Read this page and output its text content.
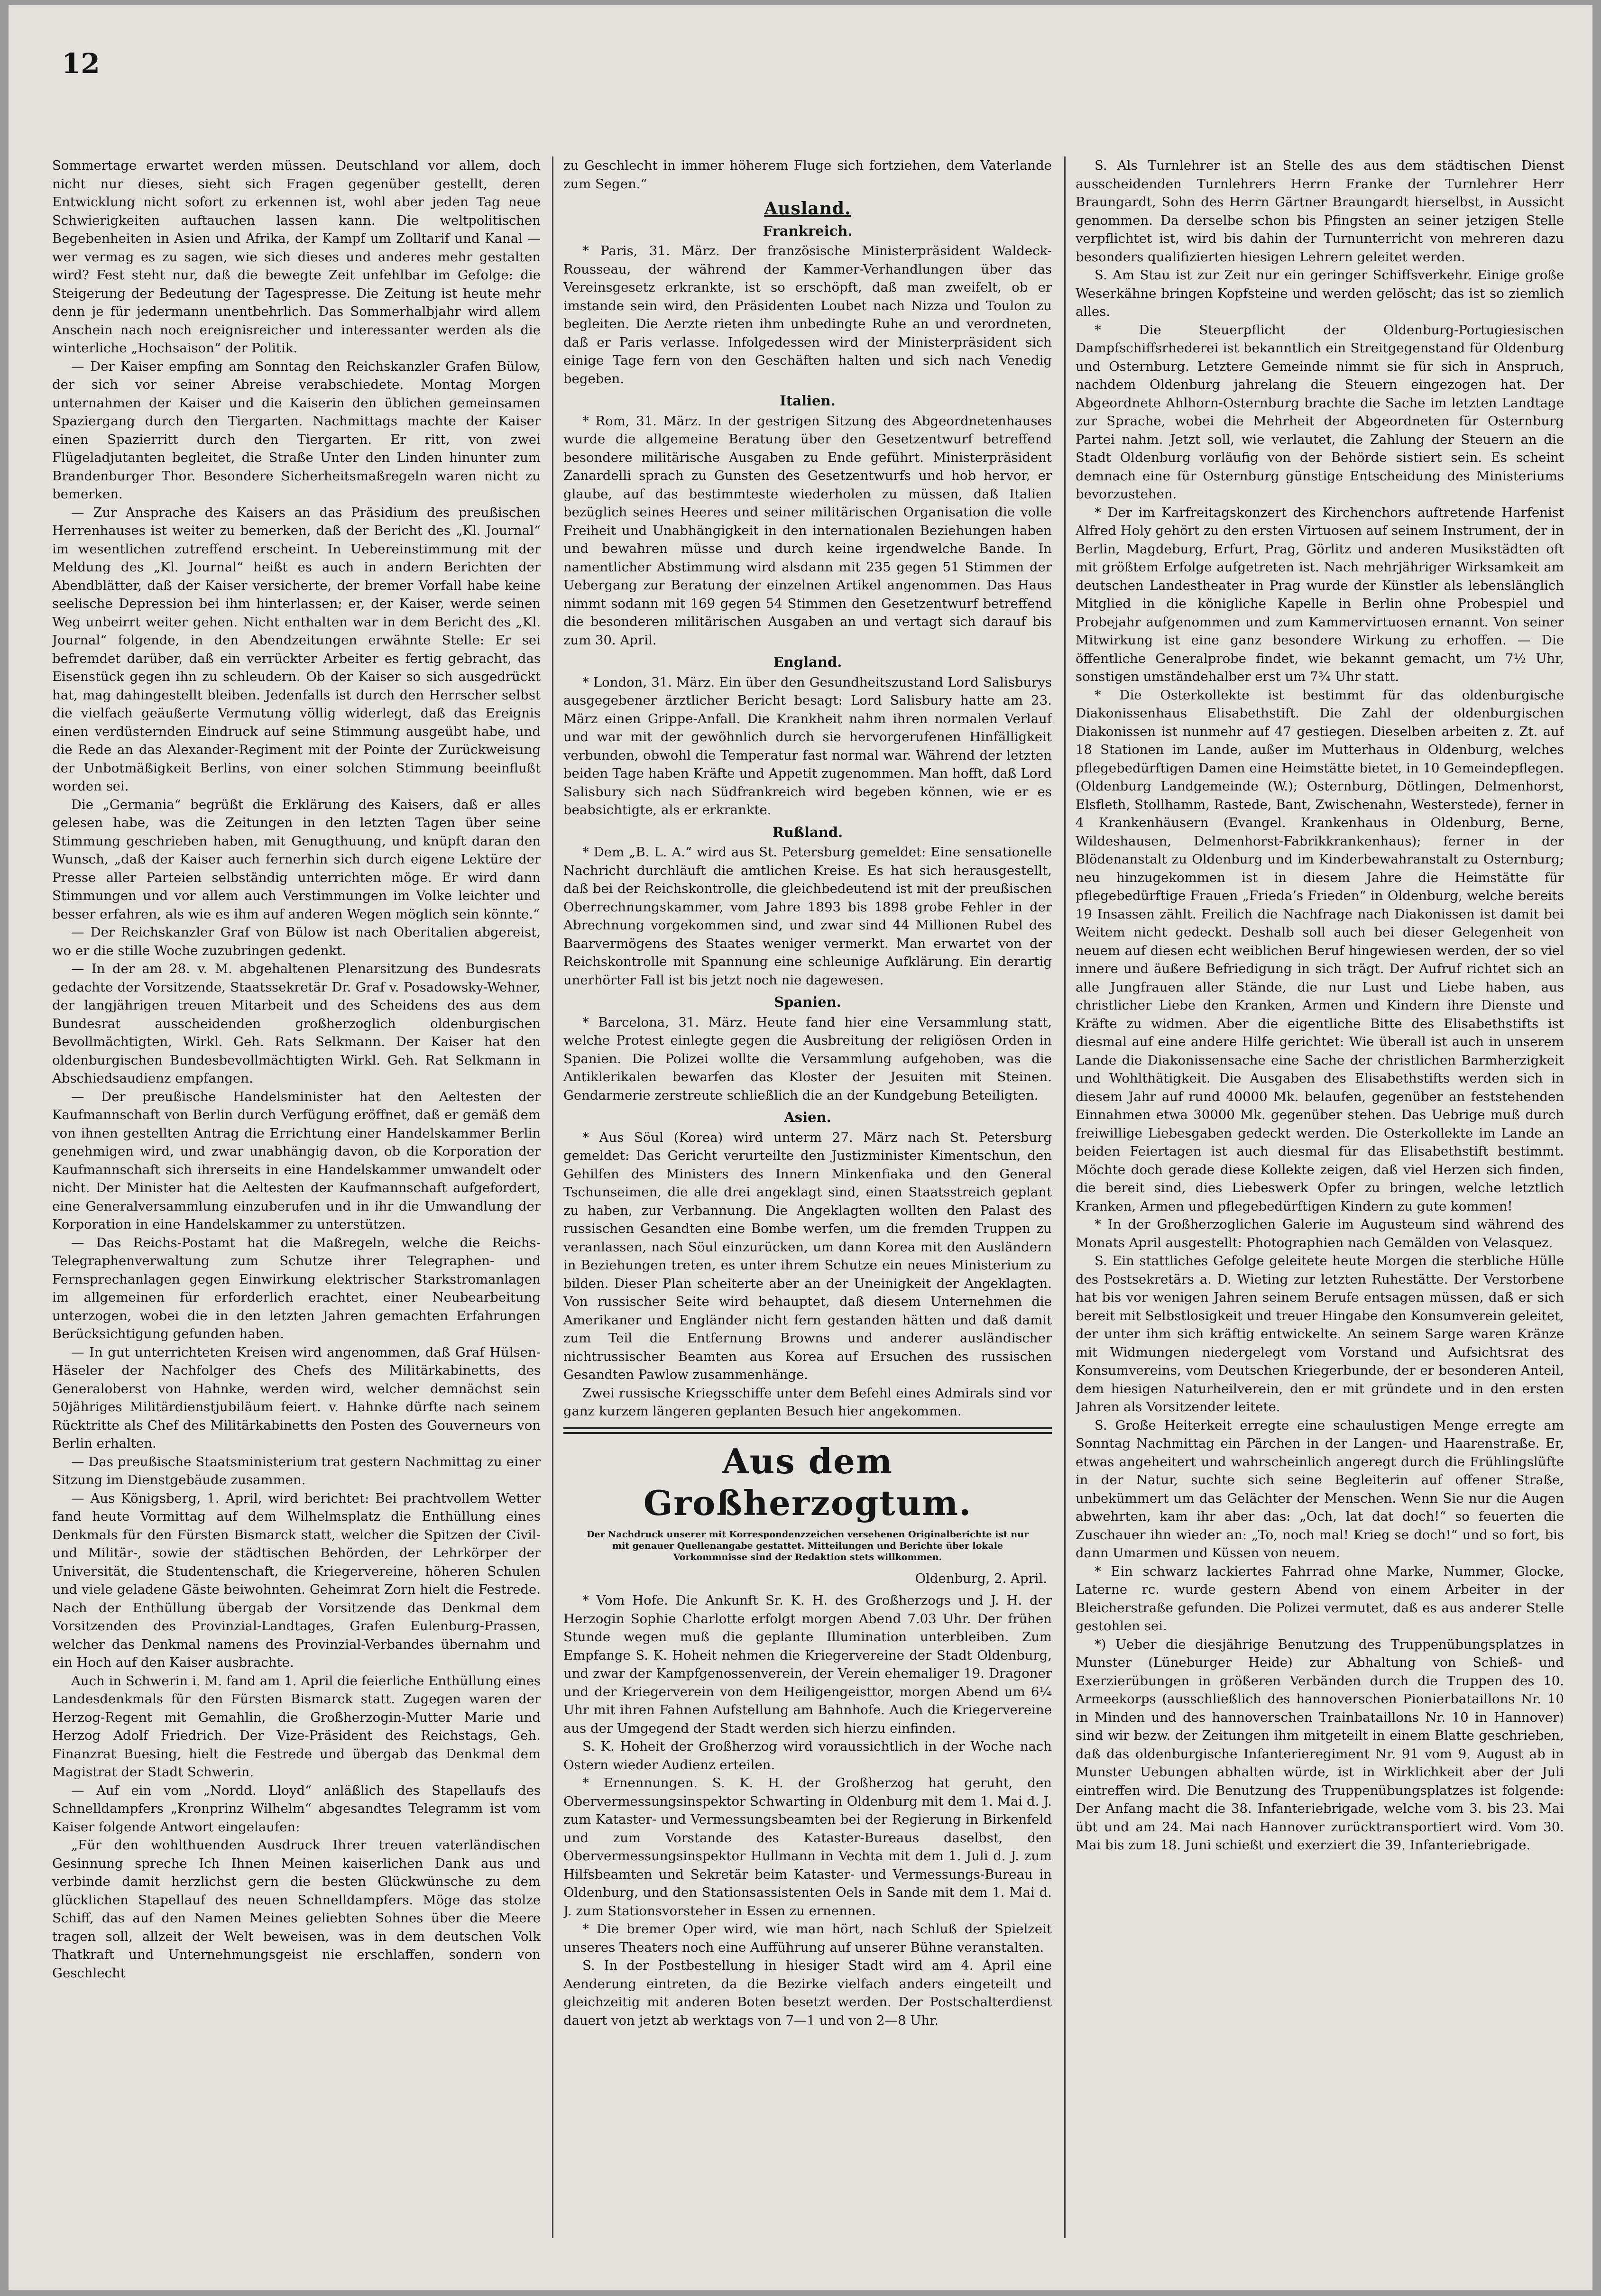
12

Sommertage erwartet werden müssen. Deutschland vor allem, doch nicht nur dieses, sieht sich Fragen gegenüber gestellt, deren Entwicklung nicht sofort zu erkennen ist, wohl aber jeden Tag neue Schwierigkeiten auftauchen lassen kann. Die weltpolitischen Begebenheiten in Asien und Afrika, der Kampf um Zolltarif und Kanal — wer vermag es zu sagen, wie sich dieses und anderes mehr gestalten wird? Fest steht nur, daß die bewegte Zeit unfehlbar im Gefolge: die Steigerung der Bedeutung der Tagespresse. Die Zeitung ist heute mehr denn je für jedermann unentbehrlich. Das Sommerhalbjahr wird allem Anschein nach noch ereignisreicher und interessanter werden als die winterliche „Hochsaison“ der Politik.

— Der Kaiser empfing am Sonntag den Reichskanzler Grafen Bülow, der sich vor seiner Abreise verabschiedete. Montag Morgen unternahmen der Kaiser und die Kaiserin den üblichen gemeinsamen Spaziergang durch den Tiergarten. Nachmittags machte der Kaiser einen Spazierritt durch den Tiergarten. Er ritt, von zwei Flügeladjutanten begleitet, die Straße Unter den Linden hinunter zum Brandenburger Thor. Besondere Sicherheitsmaßregeln waren nicht zu bemerken.

— Zur Ansprache des Kaisers an das Präsidium des preußischen Herrenhauses ist weiter zu bemerken, daß der Bericht des „Kl. Journal“ im wesentlichen zutreffend erscheint. In Uebereinstimmung mit der Meldung des „Kl. Journal“ heißt es auch in andern Berichten der Abendblätter, daß der Kaiser versicherte, der bremer Vorfall habe keine seelische Depression bei ihm hinterlassen; er, der Kaiser, werde seinen Weg unbeirrt weiter gehen. Nicht enthalten war in dem Bericht des „Kl. Journal“ folgende, in den Abendzeitungen erwähnte Stelle: Er sei befremdet darüber, daß ein verrückter Arbeiter es fertig gebracht, das Eisenstück gegen ihn zu schleudern. Ob der Kaiser so sich ausgedrückt hat, mag dahingestellt bleiben. Jedenfalls ist durch den Herrscher selbst die vielfach geäußerte Vermutung völlig widerlegt, daß das Ereignis einen verdüsternden Eindruck auf seine Stimmung ausgeübt habe, und die Rede an das Alexander-Regiment mit der Pointe der Zurückweisung der Unbotmäßigkeit Berlins, von einer solchen Stimmung beeinflußt worden sei.

Die „Germania“ begrüßt die Erklärung des Kaisers, daß er alles gelesen habe, was die Zeitungen in den letzten Tagen über seine Stimmung geschrieben haben, mit Genugthuung, und knüpft daran den Wunsch, „daß der Kaiser auch fernerhin sich durch eigene Lektüre der Presse aller Parteien selbständig unterrichten möge. Er wird dann Stimmungen und vor allem auch Verstimmungen im Volke leichter und besser erfahren, als wie es ihm auf anderen Wegen möglich sein könnte.“

— Der Reichskanzler Graf von Bülow ist nach Oberitalien abgereist, wo er die stille Woche zuzubringen gedenkt.

— In der am 28. v. M. abgehaltenen Plenarsitzung des Bundesrats gedachte der Vorsitzende, Staatssekretär Dr. Graf v. Posadowsky-Wehner, der langjährigen treuen Mitarbeit und des Scheidens des aus dem Bundesrat ausscheidenden großherzoglich oldenburgischen Bevollmächtigten, Wirkl. Geh. Rats Selkmann. Der Kaiser hat den oldenburgischen Bundesbevollmächtigten Wirkl. Geh. Rat Selkmann in Abschiedsaudienz empfangen.

— Der preußische Handelsminister hat den Aeltesten der Kaufmannschaft von Berlin durch Verfügung eröffnet, daß er gemäß dem von ihnen gestellten Antrag die Errichtung einer Handelskammer Berlin genehmigen wird, und zwar unabhängig davon, ob die Korporation der Kaufmannschaft sich ihrerseits in eine Handelskammer umwandelt oder nicht. Der Minister hat die Aeltesten der Kaufmannschaft aufgefordert, eine Generalversammlung einzuberufen und in ihr die Umwandlung der Korporation in eine Handelskammer zu unterstützen.

— Das Reichs-Postamt hat die Maßregeln, welche die Reichs-Telegraphenverwaltung zum Schutze ihrer Telegraphen- und Fernsprechanlagen gegen Einwirkung elektrischer Starkstromanlagen im allgemeinen für erforderlich erachtet, einer Neubearbeitung unterzogen, wobei die in den letzten Jahren gemachten Erfahrungen Berücksichtigung gefunden haben.

— In gut unterrichteten Kreisen wird angenommen, daß Graf Hülsen-Häseler der Nachfolger des Chefs des Militärkabinetts, des Generaloberst von Hahnke, werden wird, welcher demnächst sein 50jähriges Militärdienstjubiläum feiert. v. Hahnke dürfte nach seinem Rücktritte als Chef des Militärkabinetts den Posten des Gouverneurs von Berlin erhalten.

— Das preußische Staatsministerium trat gestern Nachmittag zu einer Sitzung im Dienstgebäude zusammen.

— Aus Königsberg, 1. April, wird berichtet: Bei prachtvollem Wetter fand heute Vormittag auf dem Wilhelmsplatz die Enthüllung eines Denkmals für den Fürsten Bismarck statt, welcher die Spitzen der Civil- und Militär-, sowie der städtischen Behörden, der Lehrkörper der Universität, die Studentenschaft, die Kriegervereine, höheren Schulen und viele geladene Gäste beiwohnten. Geheimrat Zorn hielt die Festrede. Nach der Enthüllung übergab der Vorsitzende das Denkmal dem Vorsitzenden des Provinzial-Landtages, Grafen Eulenburg-Prassen, welcher das Denkmal namens des Provinzial-Verbandes übernahm und ein Hoch auf den Kaiser ausbrachte.

Auch in Schwerin i. M. fand am 1. April die feierliche Enthüllung eines Landesdenkmals für den Fürsten Bismarck statt. Zugegen waren der Herzog-Regent mit Gemahlin, die Großherzogin-Mutter Marie und Herzog Adolf Friedrich. Der Vize-Präsident des Reichstags, Geh. Finanzrat Buesing, hielt die Festrede und übergab das Denkmal dem Magistrat der Stadt Schwerin.

— Auf ein vom „Nordd. Lloyd“ anläßlich des Stapellaufs des Schnelldampfers „Kronprinz Wilhelm“ abgesandtes Telegramm ist vom Kaiser folgende Antwort eingelaufen:

„Für den wohlthuenden Ausdruck Ihrer treuen vaterländischen Gesinnung spreche Ich Ihnen Meinen kaiserlichen Dank aus und verbinde damit herzlichst gern die besten Glückwünsche zu dem glücklichen Stapellauf des neuen Schnelldampfers. Möge das stolze Schiff, das auf den Namen Meines geliebten Sohnes über die Meere tragen soll, allzeit der Welt beweisen, was in dem deutschen Volk Thatkraft und Unternehmungsgeist nie erschlaffen, sondern von Geschlecht

zu Geschlecht in immer höherem Fluge sich fortziehen, dem Vaterlande zum Segen.“

Ausland.
Frankreich.

* Paris, 31. März. Der französische Ministerpräsident Waldeck-Rousseau, der während der Kammer-Verhandlungen über das Vereinsgesetz erkrankte, ist so erschöpft, daß man zweifelt, ob er imstande sein wird, den Präsidenten Loubet nach Nizza und Toulon zu begleiten. Die Aerzte rieten ihm unbedingte Ruhe an und verordneten, daß er Paris verlasse. Infolgedessen wird der Ministerpräsident sich einige Tage fern von den Geschäften halten und sich nach Venedig begeben.

Italien.

* Rom, 31. März. In der gestrigen Sitzung des Abgeordnetenhauses wurde die allgemeine Beratung über den Gesetzentwurf betreffend besondere militärische Ausgaben zu Ende geführt. Ministerpräsident Zanardelli sprach zu Gunsten des Gesetzentwurfs und hob hervor, er glaube, auf das bestimmteste wiederholen zu müssen, daß Italien bezüglich seines Heeres und seiner militärischen Organisation die volle Freiheit und Unabhängigkeit in den internationalen Beziehungen haben und bewahren müsse und durch keine irgendwelche Bande. In namentlicher Abstimmung wird alsdann mit 235 gegen 51 Stimmen der Uebergang zur Beratung der einzelnen Artikel angenommen. Das Haus nimmt sodann mit 169 gegen 54 Stimmen den Gesetzentwurf betreffend die besonderen militärischen Ausgaben an und vertagt sich darauf bis zum 30. April.

England.

* London, 31. März. Ein über den Gesundheitszustand Lord Salisburys ausgegebener ärztlicher Bericht besagt: Lord Salisbury hatte am 23. März einen Grippe-Anfall. Die Krankheit nahm ihren normalen Verlauf und war mit der gewöhnlich durch sie hervorgerufenen Hinfälligkeit verbunden, obwohl die Temperatur fast normal war. Während der letzten beiden Tage haben Kräfte und Appetit zugenommen. Man hofft, daß Lord Salisbury sich nach Südfrankreich wird begeben können, wie er es beabsichtigte, als er erkrankte.

Rußland.

* Dem „B. L. A.“ wird aus St. Petersburg gemeldet: Eine sensationelle Nachricht durchläuft die amtlichen Kreise. Es hat sich herausgestellt, daß bei der Reichskontrolle, die gleichbedeutend ist mit der preußischen Oberrechnungskammer, vom Jahre 1893 bis 1898 grobe Fehler in der Abrechnung vorgekommen sind, und zwar sind 44 Millionen Rubel des Baarvermögens des Staates weniger vermerkt. Man erwartet von der Reichskontrolle mit Spannung eine schleunige Aufklärung. Ein derartig unerhörter Fall ist bis jetzt noch nie dagewesen.

Spanien.

* Barcelona, 31. März. Heute fand hier eine Versammlung statt, welche Protest einlegte gegen die Ausbreitung der religiösen Orden in Spanien. Die Polizei wollte die Versammlung aufgehoben, was die Antiklerikalen bewarfen das Kloster der Jesuiten mit Steinen. Gendarmerie zerstreute schließlich die an der Kundgebung Beteiligten.

Asien.

* Aus Söul (Korea) wird unterm 27. März nach St. Petersburg gemeldet: Das Gericht verurteilte den Justizminister Kimentschun, den Gehilfen des Ministers des Innern Minkenfiaka und den General Tschunseimen, die alle drei angeklagt sind, einen Staatsstreich geplant zu haben, zur Verbannung. Die Angeklagten wollten den Palast des russischen Gesandten eine Bombe werfen, um die fremden Truppen zu veranlassen, nach Söul einzurücken, um dann Korea mit den Ausländern in Beziehungen treten, es unter ihrem Schutze ein neues Ministerium zu bilden. Dieser Plan scheiterte aber an der Uneinigkeit der Angeklagten. Von russischer Seite wird behauptet, daß diesem Unternehmen die Amerikaner und Engländer nicht fern gestanden hätten und daß damit zum Teil die Entfernung Browns und anderer ausländischer nichtrussischer Beamten aus Korea auf Ersuchen des russischen Gesandten Pawlow zusammenhänge.

Zwei russische Kriegsschiffe unter dem Befehl eines Admirals sind vor ganz kurzem längeren geplanten Besuch hier angekommen.

Aus dem Großherzogtum.
Der Nachdruck unserer mit Korrespondenzzeichen versehenen Originalberichte ist nur mit genauer Quellenangabe gestattet. Mitteilungen und Berichte über lokale Vorkommnisse sind der Redaktion stets willkommen.
Oldenburg, 2. April.

* Vom Hofe. Die Ankunft Sr. K. H. des Großherzogs und J. H. der Herzogin Sophie Charlotte erfolgt morgen Abend 7.03 Uhr. Der frühen Stunde wegen muß die geplante Illumination unterbleiben. Zum Empfange S. K. Hoheit nehmen die Kriegervereine der Stadt Oldenburg, und zwar der Kampfgenossenverein, der Verein ehemaliger 19. Dragoner und der Kriegerverein von dem Heiligengeisttor, morgen Abend um 6¼ Uhr mit ihren Fahnen Aufstellung am Bahnhofe. Auch die Kriegervereine aus der Umgegend der Stadt werden sich hierzu einfinden.

S. K. Hoheit der Großherzog wird voraussichtlich in der Woche nach Ostern wieder Audienz erteilen.

* Ernennungen. S. K. H. der Großherzog hat geruht, den Obervermessungsinspektor Schwarting in Oldenburg mit dem 1. Mai d. J. zum Kataster- und Vermessungsbeamten bei der Regierung in Birkenfeld und zum Vorstande des Kataster-Bureaus daselbst, den Obervermessungsinspektor Hullmann in Vechta mit dem 1. Juli d. J. zum Hilfsbeamten und Sekretär beim Kataster- und Vermessungs-Bureau in Oldenburg, und den Stationsassistenten Oels in Sande mit dem 1. Mai d. J. zum Stationsvorsteher in Essen zu ernennen.

* Die bremer Oper wird, wie man hört, nach Schluß der Spielzeit unseres Theaters noch eine Aufführung auf unserer Bühne veranstalten.

S. In der Postbestellung in hiesiger Stadt wird am 4. April eine Aenderung eintreten, da die Bezirke vielfach anders eingeteilt und gleichzeitig mit anderen Boten besetzt werden. Der Postschalterdienst dauert von jetzt ab werktags von 7—1 und von 2—8 Uhr.

S. Als Turnlehrer ist an Stelle des aus dem städtischen Dienst ausscheidenden Turnlehrers Herrn Franke der Turnlehrer Herr Braungardt, Sohn des Herrn Gärtner Braungardt hierselbst, in Aussicht genommen. Da derselbe schon bis Pfingsten an seiner jetzigen Stelle verpflichtet ist, wird bis dahin der Turnunterricht von mehreren dazu besonders qualifizierten hiesigen Lehrern geleitet werden.

S. Am Stau ist zur Zeit nur ein geringer Schiffsverkehr. Einige große Weserkähne bringen Kopfsteine und werden gelöscht; das ist so ziemlich alles.

* Die Steuerpflicht der Oldenburg-Portugiesischen Dampfschiffsrhederei ist bekanntlich ein Streitgegenstand für Oldenburg und Osternburg. Letztere Gemeinde nimmt sie für sich in Anspruch, nachdem Oldenburg jahrelang die Steuern eingezogen hat. Der Abgeordnete Ahlhorn-Osternburg brachte die Sache im letzten Landtage zur Sprache, wobei die Mehrheit der Abgeordneten für Osternburg Partei nahm. Jetzt soll, wie verlautet, die Zahlung der Steuern an die Stadt Oldenburg vorläufig von der Behörde sistiert sein. Es scheint demnach eine für Osternburg günstige Entscheidung des Ministeriums bevorzustehen.

* Der im Karfreitagskonzert des Kirchenchors auftretende Harfenist Alfred Holy gehört zu den ersten Virtuosen auf seinem Instrument, der in Berlin, Magdeburg, Erfurt, Prag, Görlitz und anderen Musikstädten oft mit größtem Erfolge aufgetreten ist. Nach mehrjähriger Wirksamkeit am deutschen Landestheater in Prag wurde der Künstler als lebenslänglich Mitglied in die königliche Kapelle in Berlin ohne Probespiel und Probejahr aufgenommen und zum Kammervirtuosen ernannt. Von seiner Mitwirkung ist eine ganz besondere Wirkung zu erhoffen. — Die öffentliche Generalprobe findet, wie bekannt gemacht, um 7½ Uhr, sonstigen umständehalber erst um 7¾ Uhr statt.

* Die Osterkollekte ist bestimmt für das oldenburgische Diakonissenhaus Elisabethstift. Die Zahl der oldenburgischen Diakonissen ist nunmehr auf 47 gestiegen. Dieselben arbeiten z. Zt. auf 18 Stationen im Lande, außer im Mutterhaus in Oldenburg, welches pflegebedürftigen Damen eine Heimstätte bietet, in 10 Gemeindepflegen. (Oldenburg Landgemeinde (W.); Osternburg, Dötlingen, Delmenhorst, Elsfleth, Stollhamm, Rastede, Bant, Zwischenahn, Westerstede), ferner in 4 Krankenhäusern (Evangel. Krankenhaus in Oldenburg, Berne, Wildeshausen, Delmenhorst-Fabrikkrankenhaus); ferner in der Blödenanstalt zu Oldenburg und im Kinderbewahranstalt zu Osternburg; neu hinzugekommen ist in diesem Jahre die Heimstätte für pflegebedürftige Frauen „Frieda’s Frieden“ in Oldenburg, welche bereits 19 Insassen zählt. Freilich die Nachfrage nach Diakonissen ist damit bei Weitem nicht gedeckt. Deshalb soll auch bei dieser Gelegenheit von neuem auf diesen echt weiblichen Beruf hingewiesen werden, der so viel innere und äußere Befriedigung in sich trägt. Der Aufruf richtet sich an alle Jungfrauen aller Stände, die nur Lust und Liebe haben, aus christlicher Liebe den Kranken, Armen und Kindern ihre Dienste und Kräfte zu widmen. Aber die eigentliche Bitte des Elisabethstifts ist diesmal auf eine andere Hilfe gerichtet: Wie überall ist auch in unserem Lande die Diakonissensache eine Sache der christlichen Barmherzigkeit und Wohlthätigkeit. Die Ausgaben des Elisabethstifts werden sich in diesem Jahr auf rund 40000 Mk. belaufen, gegenüber an feststehenden Einnahmen etwa 30000 Mk. gegenüber stehen. Das Uebrige muß durch freiwillige Liebesgaben gedeckt werden. Die Osterkollekte im Lande an beiden Feiertagen ist auch diesmal für das Elisabethstift bestimmt. Möchte doch gerade diese Kollekte zeigen, daß viel Herzen sich finden, die bereit sind, dies Liebeswerk Opfer zu bringen, welche letztlich Kranken, Armen und pflegebedürftigen Kindern zu gute kommen!

* In der Großherzoglichen Galerie im Augusteum sind während des Monats April ausgestellt: Photographien nach Gemälden von Velasquez.

S. Ein stattliches Gefolge geleitete heute Morgen die sterbliche Hülle des Postsekretärs a. D. Wieting zur letzten Ruhestätte. Der Verstorbene hat bis vor wenigen Jahren seinem Berufe entsagen müssen, daß er sich bereit mit Selbstlosigkeit und treuer Hingabe den Konsumverein geleitet, der unter ihm sich kräftig entwickelte. An seinem Sarge waren Kränze mit Widmungen niedergelegt vom Vorstand und Aufsichtsrat des Konsumvereins, vom Deutschen Kriegerbunde, der er besonderen Anteil, dem hiesigen Naturheilverein, den er mit gründete und in den ersten Jahren als Vorsitzender leitete.

S. Große Heiterkeit erregte eine schaulustigen Menge erregte am Sonntag Nachmittag ein Pärchen in der Langen- und Haarenstraße. Er, etwas angeheitert und wahrscheinlich angeregt durch die Frühlingslüfte in der Natur, suchte sich seine Begleiterin auf offener Straße, unbekümmert um das Gelächter der Menschen. Wenn Sie nur die Augen abwehrten, kam ihr aber das: „Och, lat dat doch!“ so feuerten die Zuschauer ihn wieder an: „To, noch mal! Krieg se doch!“ und so fort, bis dann Umarmen und Küssen von neuem.

* Ein schwarz lackiertes Fahrrad ohne Marke, Nummer, Glocke, Laterne rc. wurde gestern Abend von einem Arbeiter in der Bleicherstraße gefunden. Die Polizei vermutet, daß es aus anderer Stelle gestohlen sei.

*) Ueber die diesjährige Benutzung des Truppenübungsplatzes in Munster (Lüneburger Heide) zur Abhaltung von Schieß- und Exerzierübungen in größeren Verbänden durch die Truppen des 10. Armeekorps (ausschließlich des hannoverschen Pionierbataillons Nr. 10 in Minden und des hannoverschen Trainbataillons Nr. 10 in Hannover) sind wir bezw. der Zeitungen ihm mitgeteilt in einem Blatte geschrieben, daß das oldenburgische Infanterieregiment Nr. 91 vom 9. August ab in Munster Uebungen abhalten würde, ist in Wirklichkeit aber der Juli eintreffen wird. Die Benutzung des Truppenübungsplatzes ist folgende: Der Anfang macht die 38. Infanteriebrigade, welche vom 3. bis 23. Mai übt und am 24. Mai nach Hannover zurücktransportiert wird. Vom 30. Mai bis zum 18. Juni schießt und exerziert die 39. Infanteriebrigade.
